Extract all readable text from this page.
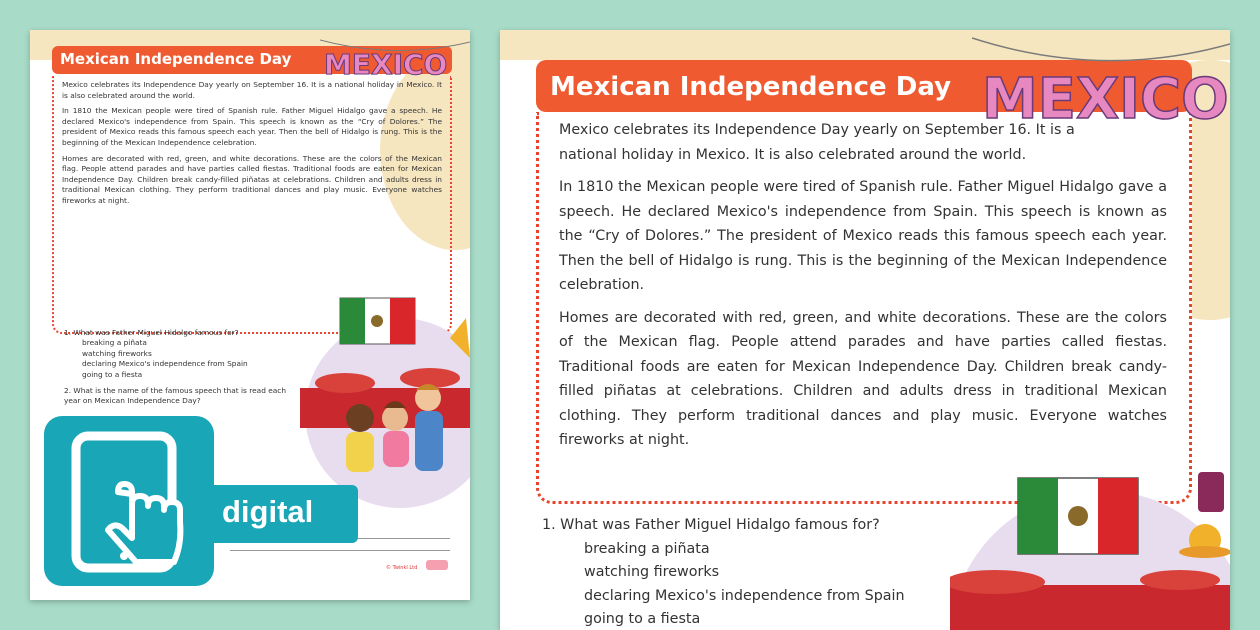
Mexican Independence Day

Mexico celebrates its Independence Day yearly on September 16. It is a national holiday in Mexico. It is also celebrated around the world.

In 1810 the Mexican people were tired of Spanish rule. Father Miguel Hidalgo gave a speech. He declared Mexico's independence from Spain. This speech is known as the “Cry of Dolores.” The president of Mexico reads this famous speech each year. Then the bell of Hidalgo is rung. This is the beginning of the Mexican Independence celebration.

Homes are decorated with red, green, and white decorations. These are the colors of the Mexican flag. People attend parades and have parties called fiestas. Traditional foods are eaten for Mexican Independence Day. Children break candy-filled piñatas at celebrations. Children and adults dress in traditional Mexican clothing. They perform traditional dances and play music. Everyone watches fireworks at night.

1. What was Father Miguel Hidalgo famous for?
breaking a piñata
watching fireworks
declaring Mexico's independence from Spain
going to a fiesta
2. What is the name of the famous speech that is read each year on Mexican Independence Day?
© Twinkl Ltd
MEXICO
digital
Mexican Independence Day

Mexico celebrates its Independence Day yearly on September 16. It is a national holiday in Mexico. It is also celebrated around the world.

In 1810 the Mexican people were tired of Spanish rule. Father Miguel Hidalgo gave a speech. He declared Mexico's independence from Spain. This speech is known as the “Cry of Dolores.” The president of Mexico reads this famous speech each year. Then the bell of Hidalgo is rung. This is the beginning of the Mexican Independence celebration.

Homes are decorated with red, green, and white decorations. These are the colors of the Mexican flag. People attend parades and have parties called fiestas. Traditional foods are eaten for Mexican Independence Day. Children break candy-filled piñatas at celebrations. Children and adults dress in traditional Mexican clothing. They perform traditional dances and play music. Everyone watches fireworks at night.

1. What was Father Miguel Hidalgo famous for?
breaking a piñata
watching fireworks
declaring Mexico's independence from Spain
going to a fiesta
MEXICO
